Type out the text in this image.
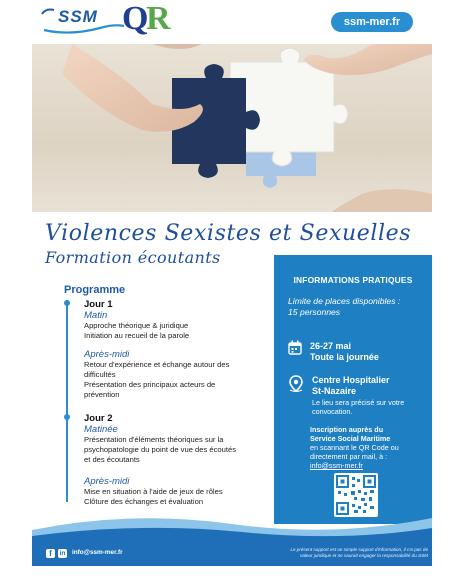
SSM Q
R	ssm-mer.fr
Violences Sexistes et Sexuelles
Formation écoutants
Programme
Jour 1
Matin
Approche théorique & juridique
Initiation au recueil de la parole
Après-midi
Retour d'expérience et échange autour des
difficultés
Présentation des principaux acteurs de
prévention
Jour 2
Matinée
Présentation d'éléments théoriques sur la
psychopatologie du point de vue des écoutés
et des écoutants
Après-midi
Mise en situation à l'aide de jeux de rôles
Clôture des échanges et évaluation
INFORMATIONS PRATIQUES
Limite de places disponibles :
15 personnes
26-27 mai
Toute la journée
Centre Hospitalier
St-Nazaire
Le lieu sera précisé sur votre convocation.
Inscription auprès du
Service Social Maritime
en scannant le QR Code ou
directement par mail, à :
info@ssm-mer.fr
f	in info@ssm-mer.fr	Le présent support est un simple support d'information, il n'a pas de
valeur juridique et ne saurait engager la responsabilité du SSM
